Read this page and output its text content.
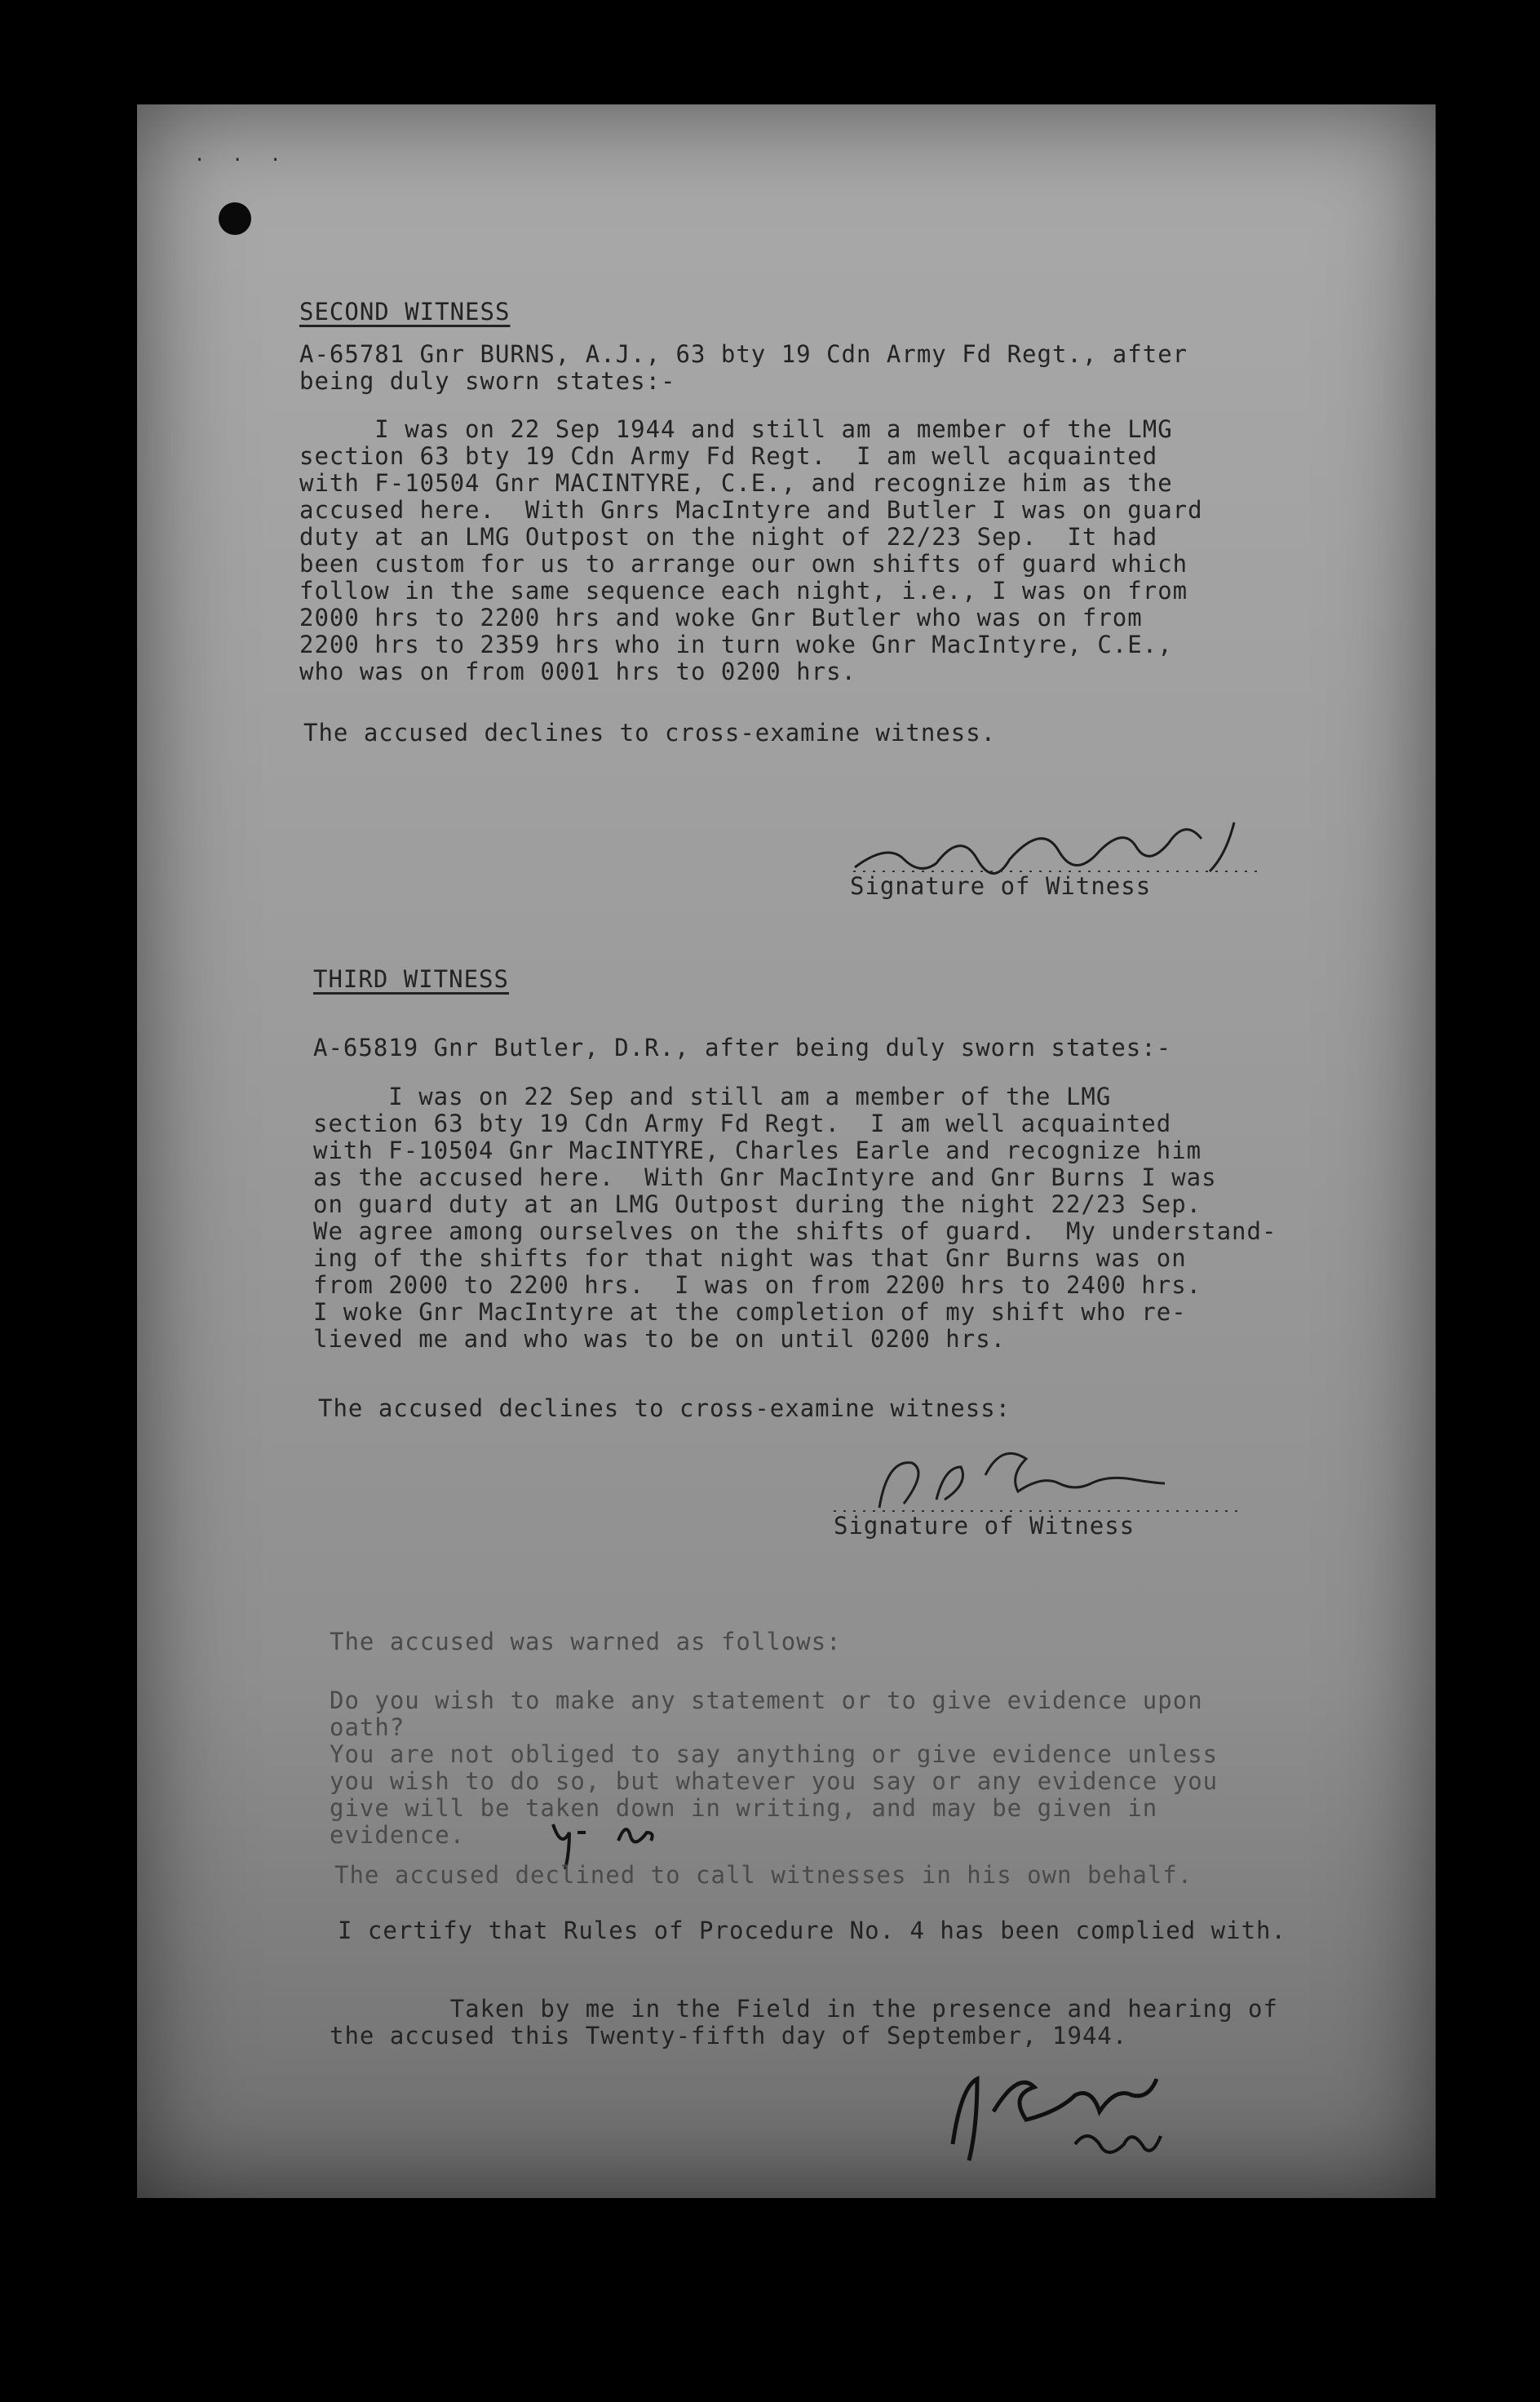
· · ·
SECOND WITNESS
A-65781 Gnr BURNS, A.J., 63 bty 19 Cdn Army Fd Regt., after
being duly sworn states:-
I was on 22 Sep 1944 and still am a member of the LMG
section 63 bty 19 Cdn Army Fd Regt.  I am well acquainted
with F-10504 Gnr MACINTYRE, C.E., and recognize him as the
accused here.  With Gnrs MacIntyre and Butler I was on guard
duty at an LMG Outpost on the night of 22/23 Sep.  It had
been custom for us to arrange our own shifts of guard which
follow in the same sequence each night, i.e., I was on from
2000 hrs to 2200 hrs and woke Gnr Butler who was on from
2200 hrs to 2359 hrs who in turn woke Gnr MacIntyre, C.E.,
who was on from 0001 hrs to 0200 hrs.
The accused declines to cross-examine witness.
Signature of Witness
THIRD WITNESS
A-65819 Gnr Butler, D.R., after being duly sworn states:-
I was on 22 Sep and still am a member of the LMG
section 63 bty 19 Cdn Army Fd Regt.  I am well acquainted
with F-10504 Gnr MacINTYRE, Charles Earle and recognize him
as the accused here.  With Gnr MacIntyre and Gnr Burns I was
on guard duty at an LMG Outpost during the night 22/23 Sep.
We agree among ourselves on the shifts of guard.  My understand-
ing of the shifts for that night was that Gnr Burns was on
from 2000 to 2200 hrs.  I was on from 2200 hrs to 2400 hrs.
I woke Gnr MacIntyre at the completion of my shift who re-
lieved me and who was to be on until 0200 hrs.
The accused declines to cross-examine witness:
Signature of Witness
The accused was warned as follows:
Do you wish to make any statement or to give evidence upon
oath?
You are not obliged to say anything or give evidence unless
you wish to do so, but whatever you say or any evidence you
give will be taken down in writing, and may be given in
evidence.
The accused declined to call witnesses in his own behalf.
I certify that Rules of Procedure No. 4 has been complied with.
Taken by me in the Field in the presence and hearing of
the accused this Twenty-fifth day of September, 1944.
